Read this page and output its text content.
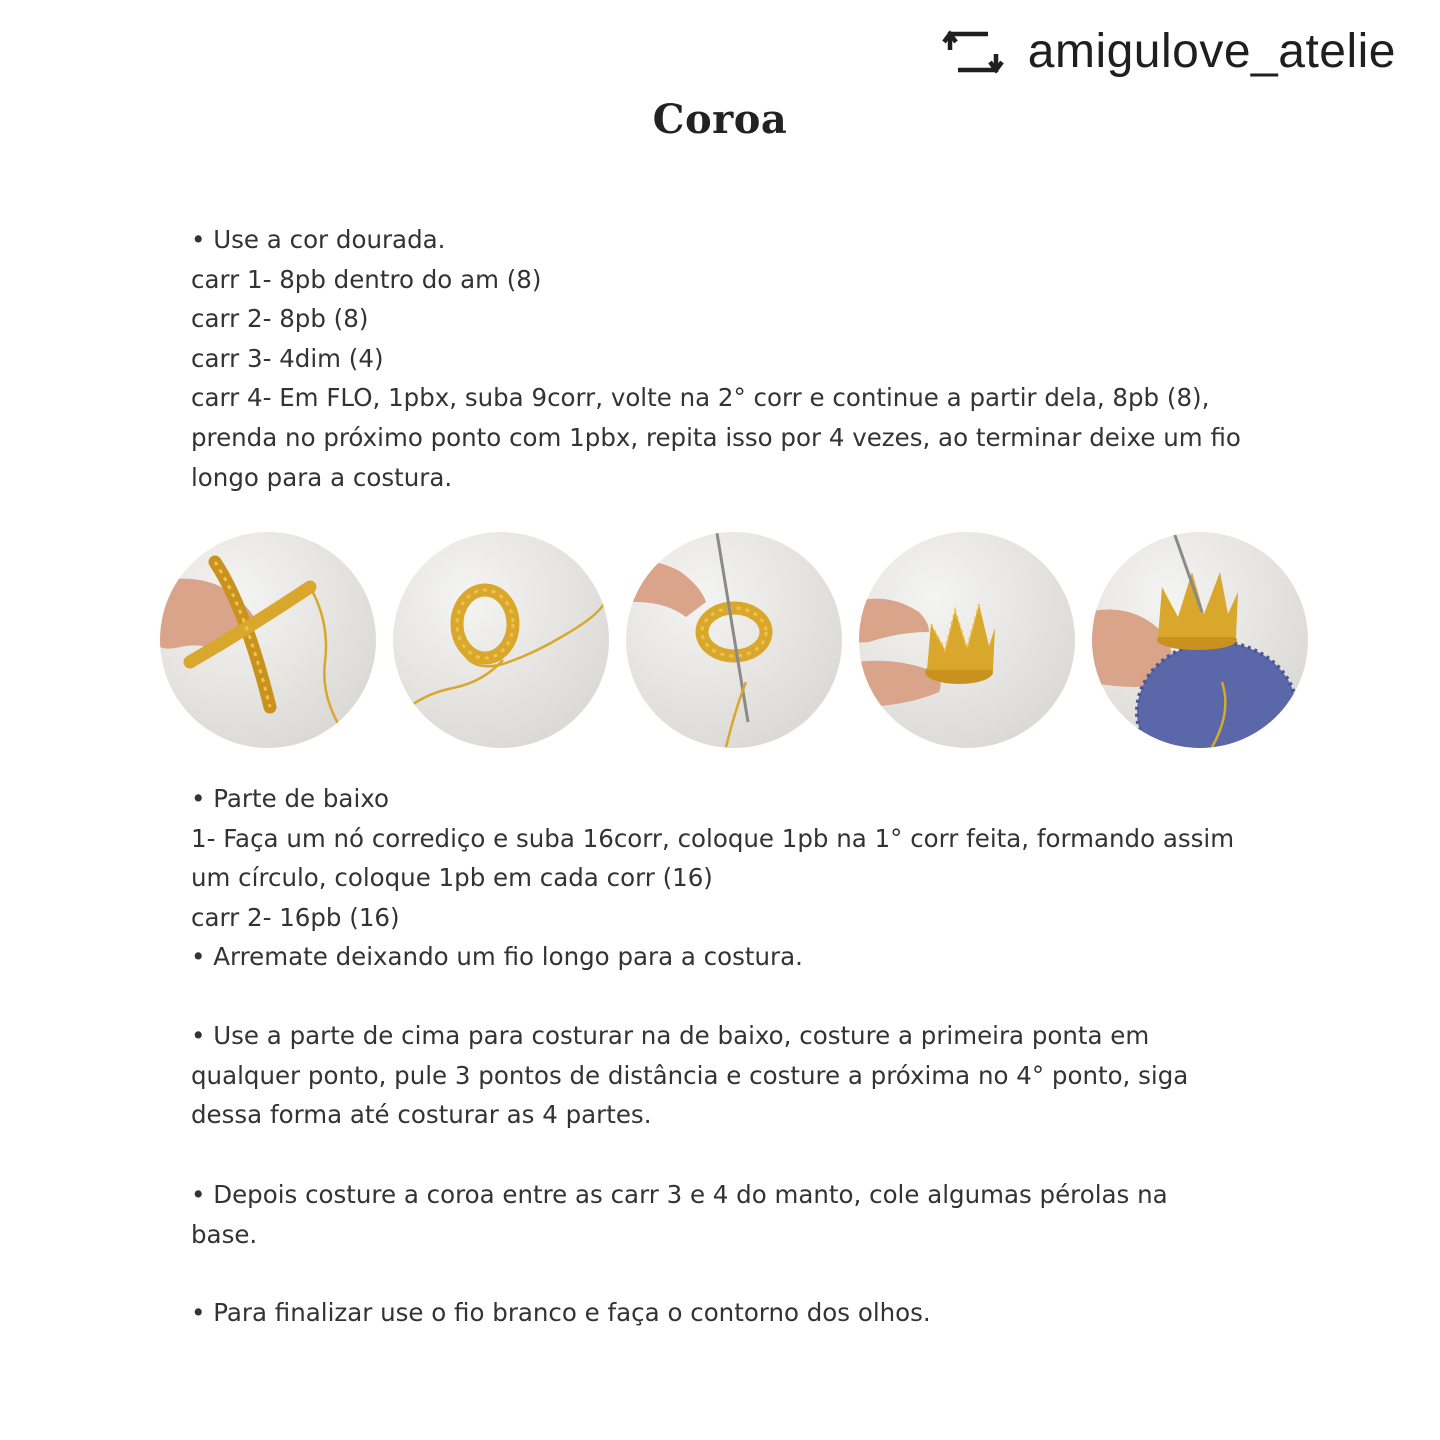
amigulove_atelie
Coroa

• Use a cor dourada.

carr 1- 8pb dentro do am (8)

carr 2- 8pb (8)

carr 3- 4dim (4)

carr 4- Em FLO, 1pbx, suba 9corr, volte na 2° corr e continue a partir dela, 8pb (8),

prenda no próximo ponto com 1pbx, repita isso por 4 vezes, ao terminar deixe um fio

longo para a costura.

• Parte de baixo

1- Faça um nó corrediço e suba 16corr, coloque 1pb na 1° corr feita, formando assim

um círculo, coloque 1pb em cada corr (16)

carr 2- 16pb (16)

• Arremate deixando um fio longo para a costura.

• Use a parte de cima para costurar na de baixo, costure a primeira ponta em

qualquer ponto, pule 3 pontos de distância e costure a próxima no 4° ponto, siga

dessa forma até costurar as 4 partes.

• Depois costure a coroa entre as carr 3 e 4 do manto, cole algumas pérolas na

base.

• Para finalizar use o fio branco e faça o contorno dos olhos.
